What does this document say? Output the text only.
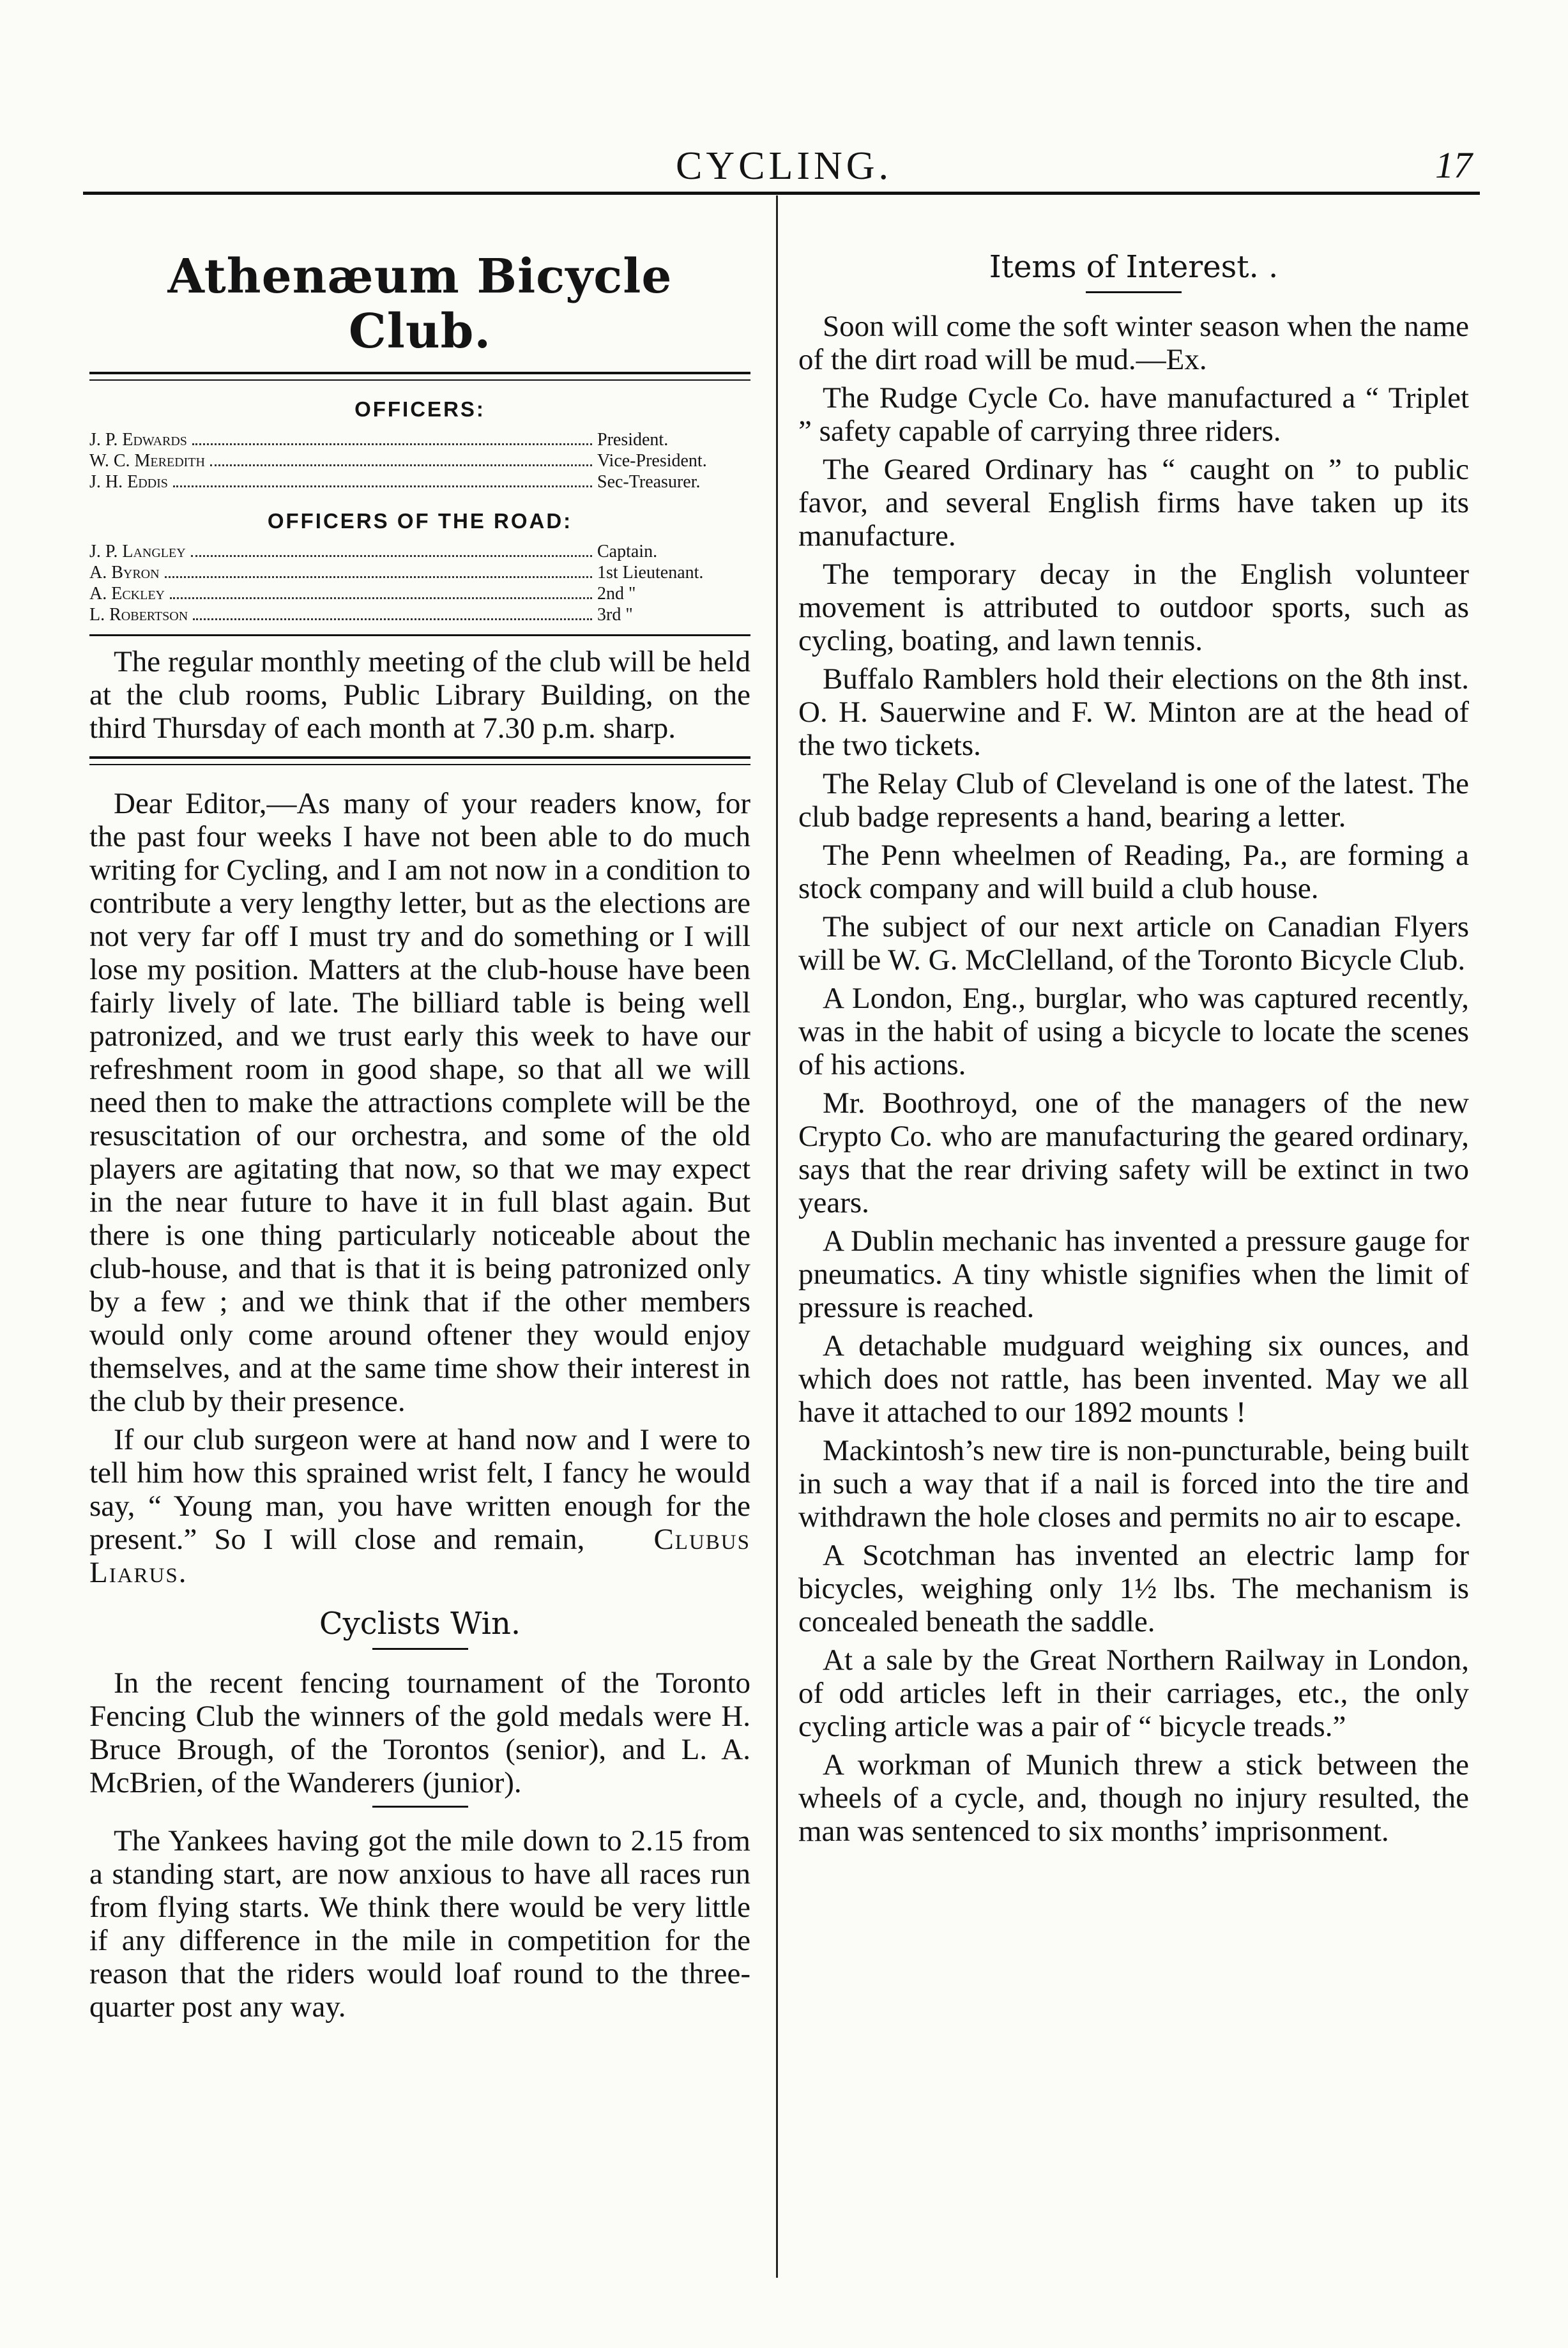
CYCLING.	17
Athenæum Bicycle Club.
OFFICERS:
J. P. Edwards	President.
W. C. Meredith	Vice-President.
J. H. Eddis	Sec-Treasurer.
OFFICERS OF THE ROAD:
J. P. Langley	Captain.
A. Byron	1st Lieutenant.
A. Eckley	2nd "
L. Robertson	3rd "

The regular monthly meeting of the club will be held at the club rooms, Public Library Building, on the third Thursday of each month at 7.30 p.m. sharp.

Dear Editor,—As many of your readers know, for the past four weeks I have not been able to do much writing for Cycling, and I am not now in a condition to contribute a very lengthy letter, but as the elections are not very far off I must try and do something or I will lose my position. Matters at the club-house have been fairly lively of late. The billiard table is being well patronized, and we trust early this week to have our refreshment room in good shape, so that all we will need then to make the attractions complete will be the resuscitation of our orchestra, and some of the old players are agitating that now, so that we may expect in the near future to have it in full blast again. But there is one thing particularly noticeable about the club-house, and that is that it is being patronized only by a few ; and we think that if the other members would only come around oftener they would enjoy themselves, and at the same time show their interest in the club by their presence.

If our club surgeon were at hand now and I were to tell him how this sprained wrist felt, I fancy he would say, “ Young man, you have written enough for the present.” So I will close and remain, Clubus Liarus.

Cyclists Win.

In the recent fencing tournament of the Toronto Fencing Club the winners of the gold medals were H. Bruce Brough, of the Torontos (senior), and L. A. McBrien, of the Wanderers (junior).

The Yankees having got the mile down to 2.15 from a standing start, are now anxious to have all races run from flying starts. We think there would be very little if any difference in the mile in competition for the reason that the riders would loaf round to the three-quarter post any way.

Items of Interest. .

Soon will come the soft winter season when the name of the dirt road will be mud.—Ex.

The Rudge Cycle Co. have manufactured a “ Triplet ” safety capable of carrying three riders.

The Geared Ordinary has “ caught on ” to public favor, and several English firms have taken up its manufacture.

The temporary decay in the English volunteer movement is attributed to outdoor sports, such as cycling, boating, and lawn tennis.

Buffalo Ramblers hold their elections on the 8th inst. O. H. Sauerwine and F. W. Minton are at the head of the two tickets.

The Relay Club of Cleveland is one of the latest. The club badge represents a hand, bearing a letter.

The Penn wheelmen of Reading, Pa., are forming a stock company and will build a club house.

The subject of our next article on Canadian Flyers will be W. G. McClelland, of the Toronto Bicycle Club.

A London, Eng., burglar, who was captured recently, was in the habit of using a bicycle to locate the scenes of his actions.

Mr. Boothroyd, one of the managers of the new Crypto Co. who are manufacturing the geared ordinary, says that the rear driving safety will be extinct in two years.

A Dublin mechanic has invented a pressure gauge for pneumatics. A tiny whistle signifies when the limit of pressure is reached.

A detachable mudguard weighing six ounces, and which does not rattle, has been invented. May we all have it attached to our 1892 mounts !

Mackintosh’s new tire is non-puncturable, being built in such a way that if a nail is forced into the tire and withdrawn the hole closes and permits no air to escape.

A Scotchman has invented an electric lamp for bicycles, weighing only 1½ lbs. The mechanism is concealed beneath the saddle.

At a sale by the Great Northern Railway in London, of odd articles left in their carriages, etc., the only cycling article was a pair of “ bicycle treads.”

A workman of Munich threw a stick between the wheels of a cycle, and, though no injury resulted, the man was sentenced to six months’ imprisonment.
